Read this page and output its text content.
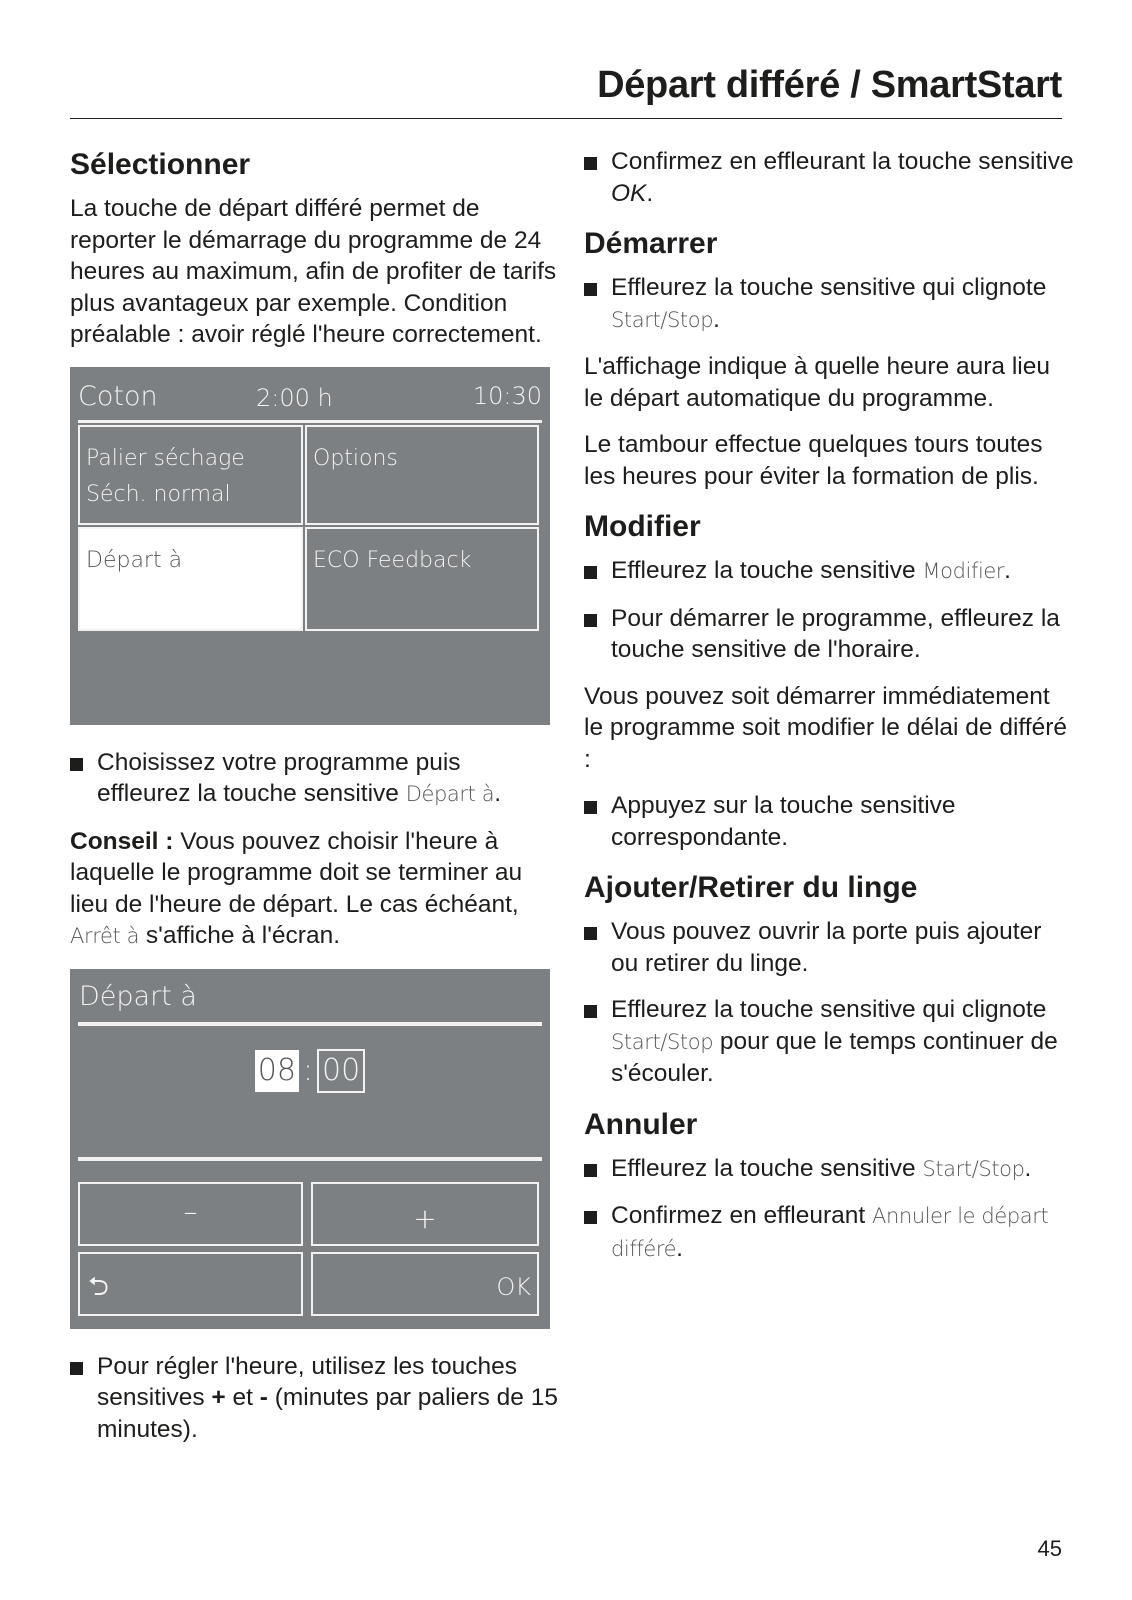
Départ différé / SmartStart
Sélectionner

La touche de départ différé permet de reporter le démarrage du programme de 24 heures au maximum, afin de profiter de tarifs plus avantageux par exemple. Condition préalable : avoir réglé l'heure correctement.

Coton	2:00 h	10:30
Palier séchage
Séch. normal
Options
Départ à	ECO Feedback
Choisissez votre programme puis effleurez la touche sensitive Départ à.

Conseil : Vous pouvez choisir l'heure à laquelle le programme doit se terminer au lieu de l'heure de départ. Le cas échéant, Arrêt à s'affiche à l'écran.

Départ à
08 : 00
–	+
⮌	OK
Pour régler l'heure, utilisez les touches sensitives + et - (minutes par paliers de 15 minutes).
Confirmez en effleurant la touche sensitive OK.
Démarrer
Effleurez la touche sensitive qui clignote Start/Stop.

L'affichage indique à quelle heure aura lieu le départ automatique du programme.

Le tambour effectue quelques tours toutes les heures pour éviter la formation de plis.

Modifier
Effleurez la touche sensitive Modifier.
Pour démarrer le programme, effleurez la touche sensitive de l'horaire.

Vous pouvez soit démarrer immédiatement le programme soit modifier le délai de différé :

Appuyez sur la touche sensitive correspondante.
Ajouter/Retirer du linge
Vous pouvez ouvrir la porte puis ajouter ou retirer du linge.
Effleurez la touche sensitive qui clignote Start/Stop pour que le temps continuer de s'écouler.
Annuler
Effleurez la touche sensitive Start/Stop.
Confirmez en effleurant Annuler le départ différé.
45
